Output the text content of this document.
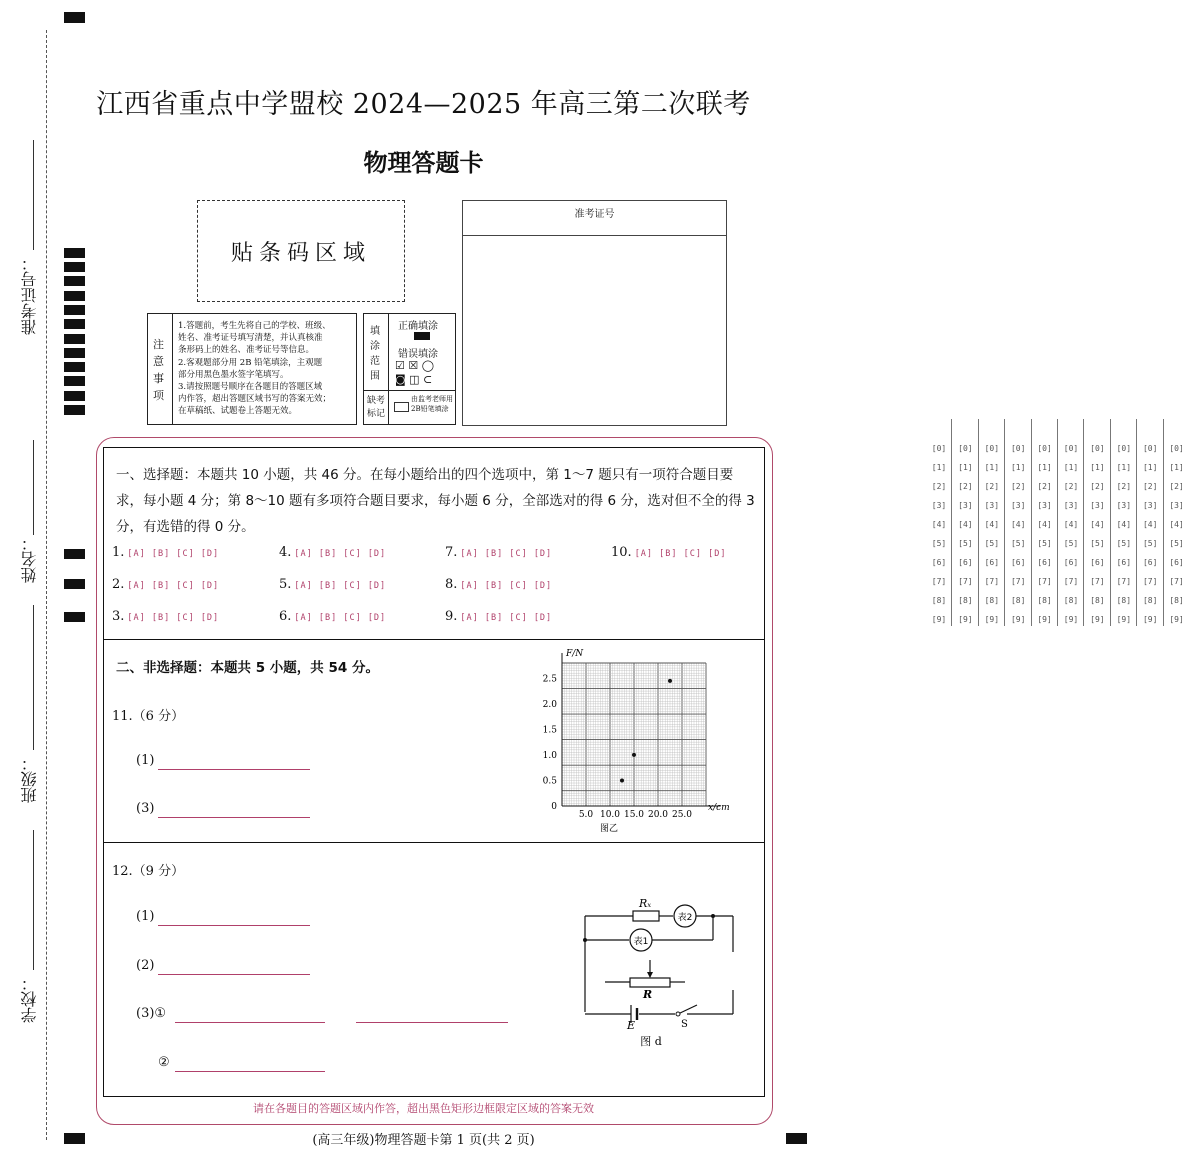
准考证号：
姓名：
班级：
学校：
江西省重点中学盟校 2024—2025 年高三第二次联考
物理答题卡
贴条码区域
注意事项
1.答题前，考生先将自己的学校、班级、
姓名、准考证号填写清楚，并认真核准
条形码上的姓名、准考证号等信息。
2.客观题部分用 2B 铅笔填涂，主观题
部分用黑色墨水签字笔填写。
3.请按照题号顺序在各题目的答题区域
内作答，超出答题区域书写的答案无效；
在草稿纸、试题卷上答题无效。
填涂范围
正确填涂
错误填涂
☑ ☒ ◯
◙ ◫ ⊂
缺考标记
由监考老师用2B铅笔填涂
准考证号
[0]
[1]
[2]
[3]
[4]
[5]
[6]
[7]
[8]
[9]
[0]
[1]
[2]
[3]
[4]
[5]
[6]
[7]
[8]
[9]
[0]
[1]
[2]
[3]
[4]
[5]
[6]
[7]
[8]
[9]
[0]
[1]
[2]
[3]
[4]
[5]
[6]
[7]
[8]
[9]
[0]
[1]
[2]
[3]
[4]
[5]
[6]
[7]
[8]
[9]
[0]
[1]
[2]
[3]
[4]
[5]
[6]
[7]
[8]
[9]
[0]
[1]
[2]
[3]
[4]
[5]
[6]
[7]
[8]
[9]
[0]
[1]
[2]
[3]
[4]
[5]
[6]
[7]
[8]
[9]
[0]
[1]
[2]
[3]
[4]
[5]
[6]
[7]
[8]
[9]
[0]
[1]
[2]
[3]
[4]
[5]
[6]
[7]
[8]
[9]
一、选择题：本题共 10 小题，共 46 分。在每小题给出的四个选项中，第 1～7 题只有一项符合题目要求，每小题 4 分；第 8～10 题有多项符合题目要求，每小题 6 分，全部选对的得 6 分，选对但不全的得 3 分，有选错的得 0 分。
1. [A] [B] [C] [D]
2. [A] [B] [C] [D]
3. [A] [B] [C] [D]
4. [A] [B] [C] [D]
5. [A] [B] [C] [D]
6. [A] [B] [C] [D]
7. [A] [B] [C] [D]
8. [A] [B] [C] [D]
9. [A] [B] [C] [D]
10. [A] [B] [C] [D]
二、非选择题：本题共 5 小题，共 54 分。
11.（6 分）
(1)
(3)	5.0 10.0 15.0 20.0 25.0
0
0.5
1.0
1.5
2.0
2.5
x/cm
F/N
图乙
12.（9 分）
(1)
(2)
(3)①
②
Rₓ
表2
表1
R
E	S
图 d
请在各题目的答题区域内作答，超出黑色矩形边框限定区域的答案无效
(高三年级)物理答题卡第 1 页(共 2 页)
